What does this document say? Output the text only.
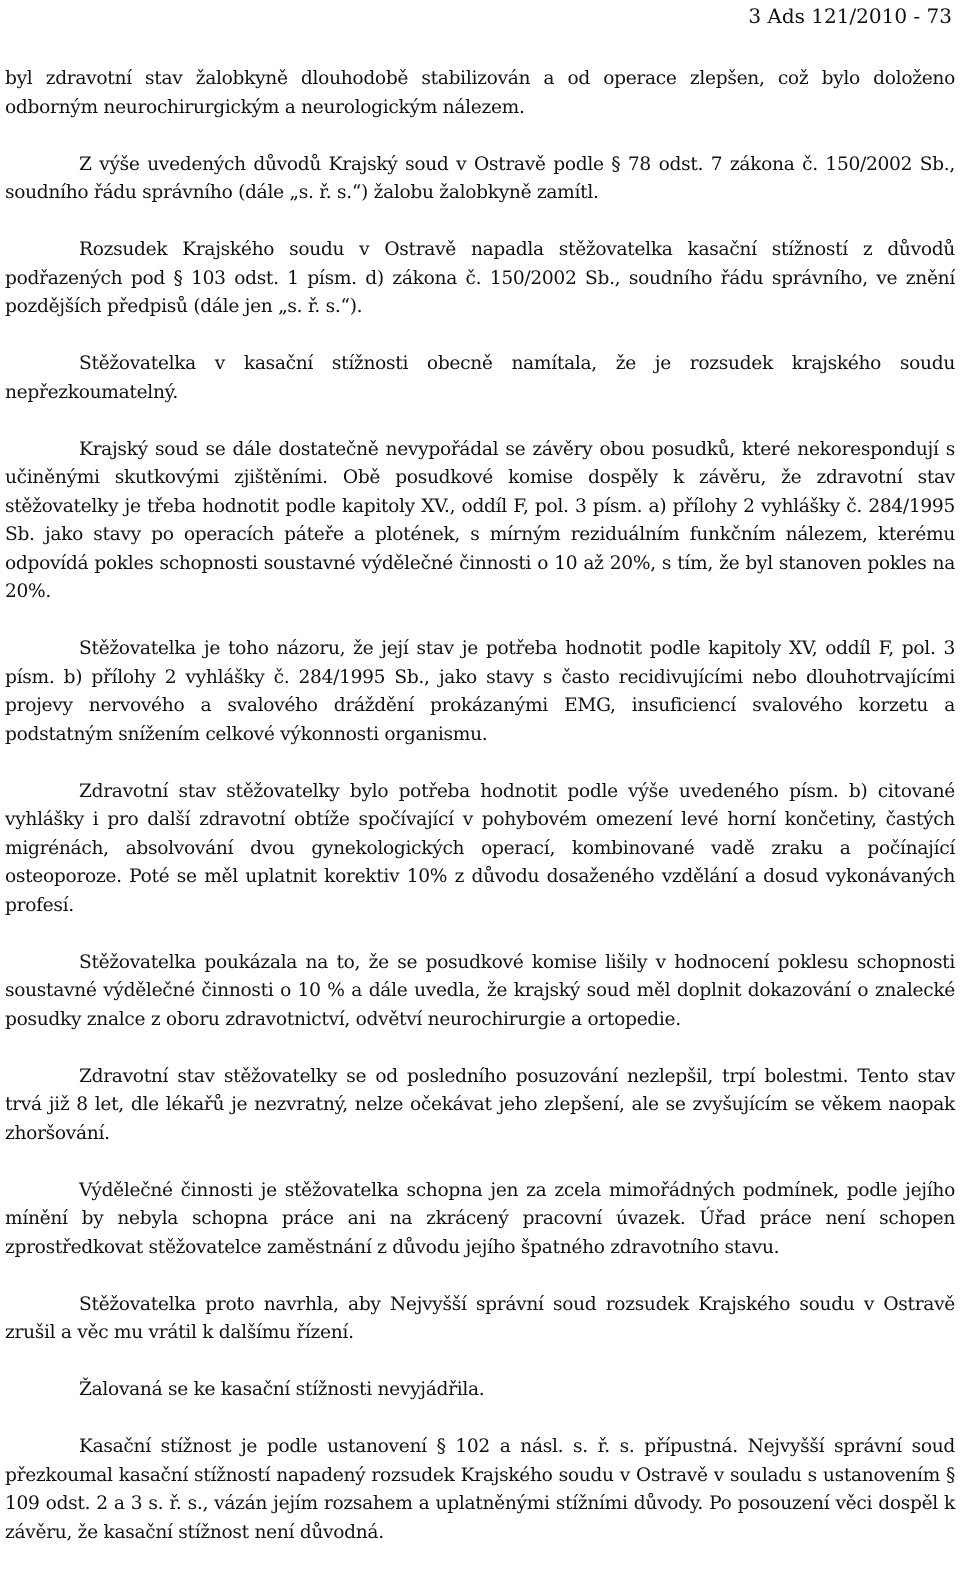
3 Ads 121/2010 - 73

byl zdravotní stav žalobkyně dlouhodobě stabilizován a od operace zlepšen, což bylo doloženo odborným neurochirurgickým a neurologickým nálezem.

Z výše uvedených důvodů Krajský soud v Ostravě podle § 78 odst. 7 zákona č. 150/2002 Sb., soudního řádu správního (dále „s. ř. s.“) žalobu žalobkyně zamítl.

Rozsudek Krajského soudu v Ostravě napadla stěžovatelka kasační stížností z důvodů podřazených pod § 103 odst. 1 písm. d) zákona č. 150/2002 Sb., soudního řádu správního, ve znění pozdějších předpisů (dále jen „s. ř. s.“).

Stěžovatelka v kasační stížnosti obecně namítala, že je rozsudek krajského soudu nepřezkoumatelný.

Krajský soud se dále dostatečně nevypořádal se závěry obou posudků, které nekorespondují s učiněnými skutkovými zjištěními. Obě posudkové komise dospěly k závěru, že zdravotní stav stěžovatelky je třeba hodnotit podle kapitoly XV., oddíl F, pol. 3 písm. a) přílohy 2 vyhlášky č. 284/1995 Sb. jako stavy po operacích páteře a plotének, s mírným reziduálním funkčním nálezem, kterému odpovídá pokles schopnosti soustavné výdělečné činnosti o 10 až 20%, s tím, že byl stanoven pokles na 20%.

Stěžovatelka je toho názoru, že její stav je potřeba hodnotit podle kapitoly XV, oddíl F, pol. 3 písm. b) přílohy 2 vyhlášky č. 284/1995 Sb., jako stavy s často recidivujícími nebo dlouhotrvajícími projevy nervového a svalového dráždění prokázanými EMG, insuficiencí svalového korzetu a podstatným snížením celkové výkonnosti organismu.

Zdravotní stav stěžovatelky bylo potřeba hodnotit podle výše uvedeného písm. b) citované vyhlášky i pro další zdravotní obtíže spočívající v pohybovém omezení levé horní končetiny, častých migrénách, absolvování dvou gynekologických operací, kombinované vadě zraku a počínající osteoporoze. Poté se měl uplatnit korektiv 10% z důvodu dosaženého vzdělání a dosud vykonávaných profesí.

Stěžovatelka poukázala na to, že se posudkové komise lišily v hodnocení poklesu schopnosti soustavné výdělečné činnosti o 10 % a dále uvedla, že krajský soud měl doplnit dokazování o znalecké posudky znalce z oboru zdravotnictví, odvětví neurochirurgie a ortopedie.

Zdravotní stav stěžovatelky se od posledního posuzování nezlepšil, trpí bolestmi. Tento stav trvá již 8 let, dle lékařů je nezvratný, nelze očekávat jeho zlepšení, ale se zvyšujícím se věkem naopak zhoršování.

Výdělečné činnosti je stěžovatelka schopna jen za zcela mimořádných podmínek, podle jejího mínění by nebyla schopna práce ani na zkrácený pracovní úvazek. Úřad práce není schopen zprostředkovat stěžovatelce zaměstnání z důvodu jejího špatného zdravotního stavu.

Stěžovatelka proto navrhla, aby Nejvyšší správní soud rozsudek Krajského soudu v Ostravě zrušil a věc mu vrátil k dalšímu řízení.

Žalovaná se ke kasační stížnosti nevyjádřila.

Kasační stížnost je podle ustanovení § 102 a násl. s. ř. s. přípustná. Nejvyšší správní soud přezkoumal kasační stížností napadený rozsudek Krajského soudu v Ostravě v souladu s ustanovením § 109 odst. 2 a 3 s. ř. s., vázán jejím rozsahem a uplatněnými stížními důvody. Po posouzení věci dospěl k závěru, že kasační stížnost není důvodná.
